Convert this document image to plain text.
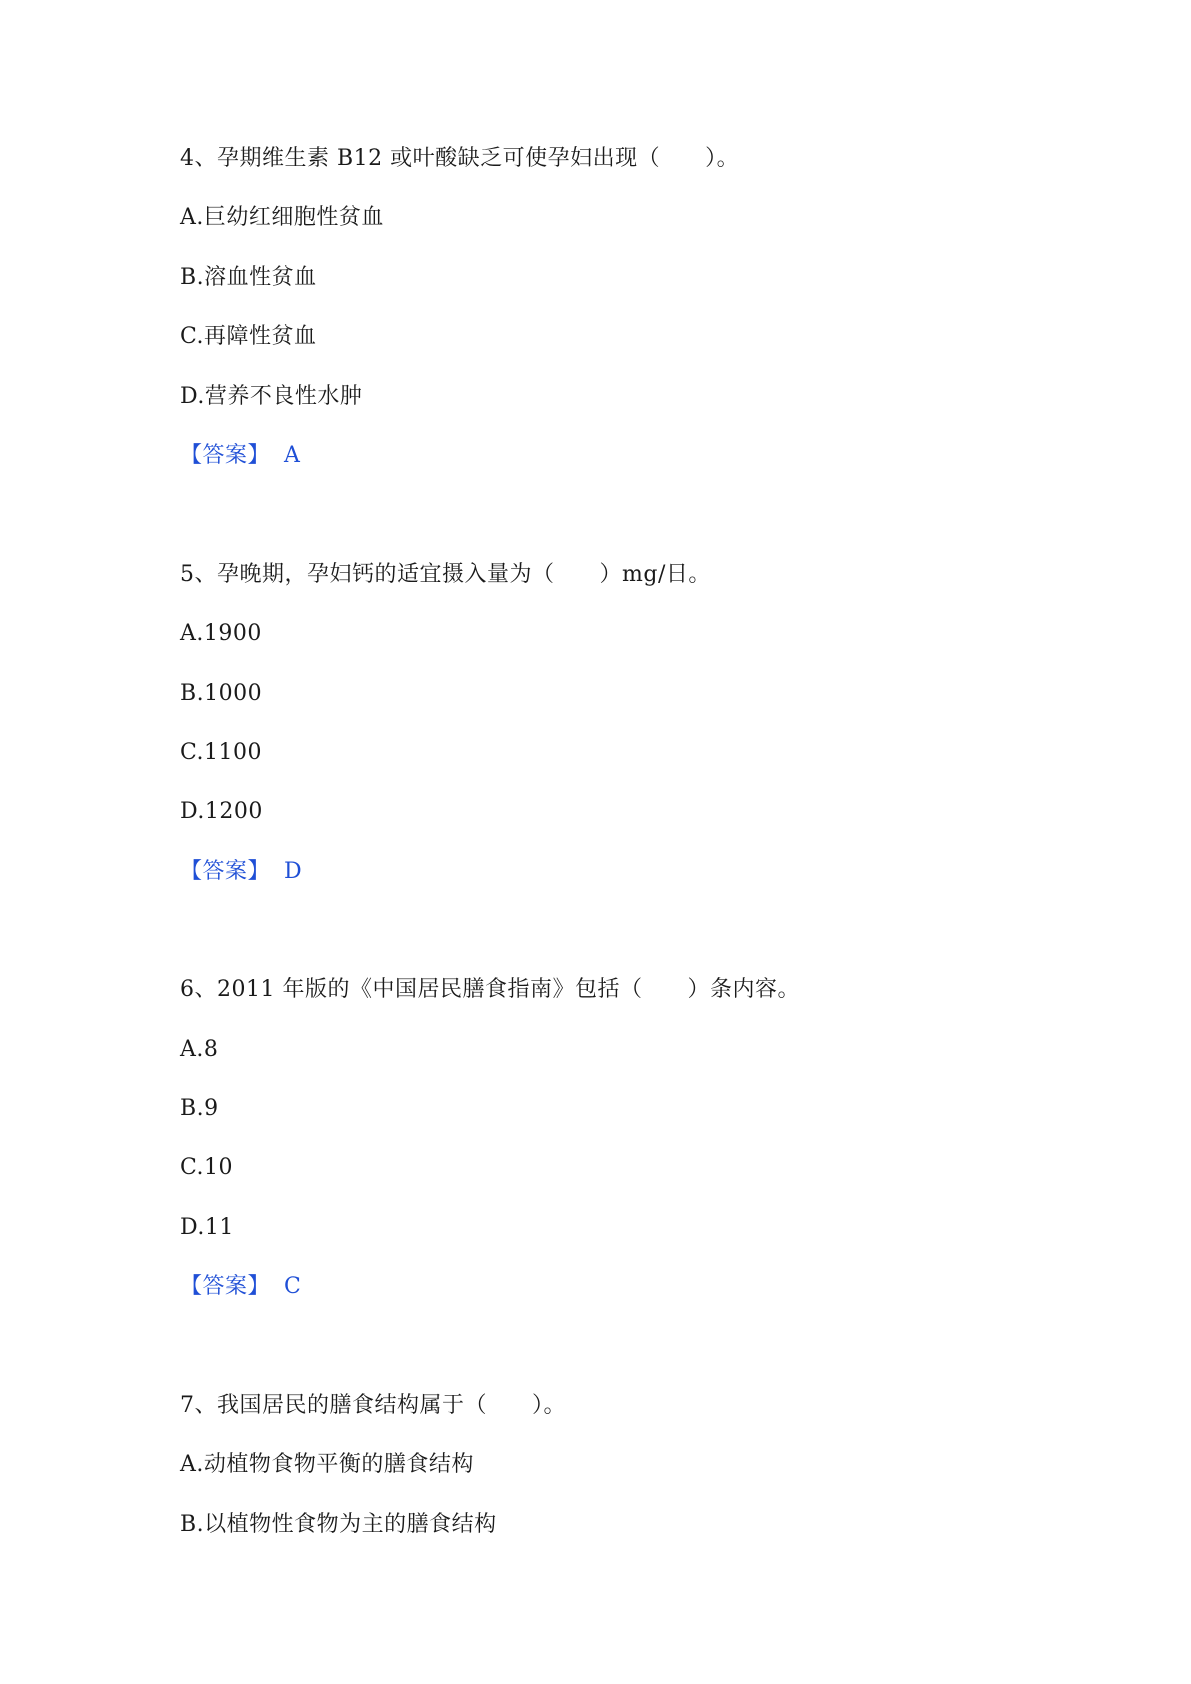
4、孕期维生素 B12 或叶酸缺乏可使孕妇出现（　　）。
A.巨幼红细胞性贫血
B.溶血性贫血
C.再障性贫血
D.营养不良性水肿
【答案】 A
5、孕晚期，孕妇钙的适宜摄入量为（　　）mg/日。
A.1900
B.1000
C.1100
D.1200
【答案】 D
6、2011 年版的《中国居民膳食指南》包括（　　）条内容。
A.8
B.9
C.10
D.11
【答案】 C
7、我国居民的膳食结构属于（　　）。
A.动植物食物平衡的膳食结构
B.以植物性食物为主的膳食结构
